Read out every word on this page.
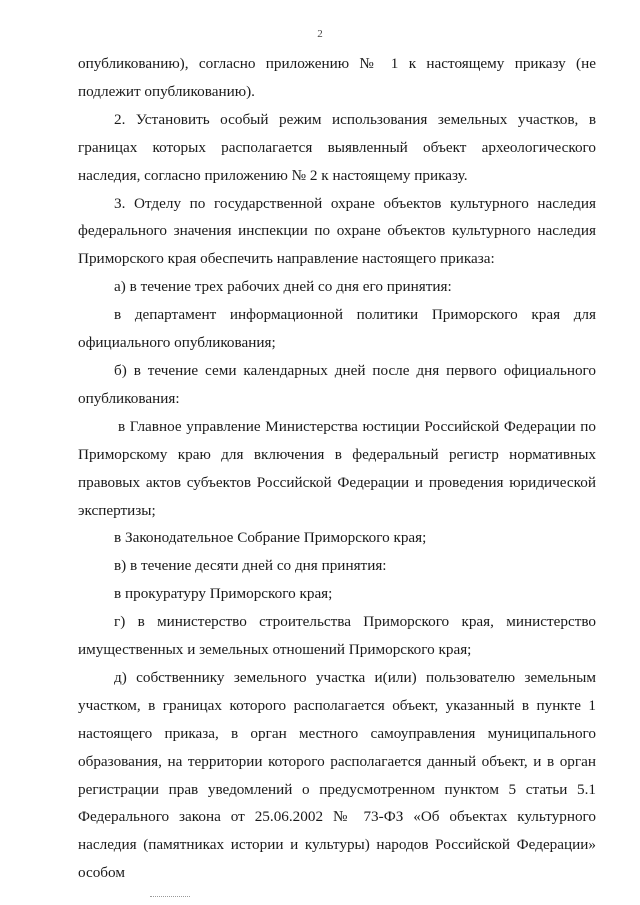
2

опубликованию), согласно приложению № 1 к настоящему приказу (не подлежит опубликованию).

2. Установить особый режим использования земельных участков, в границах которых располагается выявленный объект археологического наследия, согласно приложению № 2 к настоящему приказу.

3. Отделу по государственной охране объектов культурного наследия федерального значения инспекции по охране объектов культурного наследия Приморского края обеспечить направление настоящего приказа:

а) в течение трех рабочих дней со дня его принятия:

в департамент информационной политики Приморского края для официального опубликования;

б) в течение семи календарных дней после дня первого официального опубликования:

в Главное управление Министерства юстиции Российской Федерации по Приморскому краю для включения в федеральный регистр нормативных правовых актов субъектов Российской Федерации и проведения юридической экспертизы;

в Законодательное Собрание Приморского края;

в) в течение десяти дней со дня принятия:

в прокуратуру Приморского края;

г) в министерство строительства Приморского края, министерство имущественных и земельных отношений Приморского края;

д) собственнику земельного участка и(или) пользователю земельным участком, в границах которого располагается объект, указанный в пункте 1 настоящего приказа, в орган местного самоуправления муниципального образования, на территории которого располагается данный объект, и в орган регистрации прав уведомлений о предусмотренном пунктом 5 статьи 5.1 Федерального закона от 25.06.2002 № 73-ФЗ «Об объектах культурного наследия (памятниках истории и культуры) народов Российской Федерации» особом
